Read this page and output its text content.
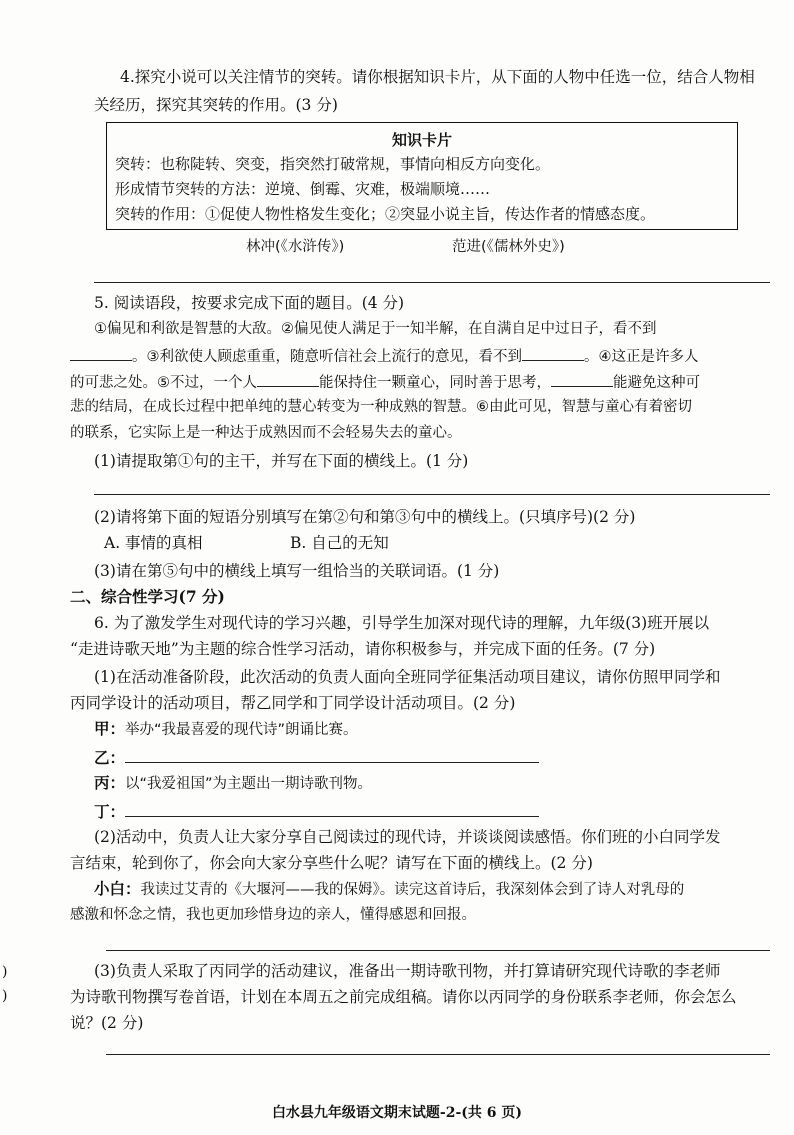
4.探究小说可以关注情节的突转。请你根据知识卡片，从下面的人物中任选一位，结合人物相
关经历，探究其突转的作用。(3 分)
知识卡片
突转：也称陡转、突变，指突然打破常规，事情向相反方向变化。
形成情节突转的方法：逆境、倒霉、灾难，极端顺境……
突转的作用：①促使人物性格发生变化；②突显小说主旨，传达作者的情感态度。
林冲(《水浒传》)	范进(《儒林外史》)
5. 阅读语段，按要求完成下面的题目。(4 分)
①偏见和利欲是智慧的大敌。②偏见使人满足于一知半解，在自满自足中过日子，看不到
。③利欲使人顾虑重重，随意听信社会上流行的意见，看不到	。④这正是许多人
的可悲之处。⑤不过，一个人	能保持住一颗童心，同时善于思考，	能避免这种可
悲的结局，在成长过程中把单纯的慧心转变为一种成熟的智慧。⑥由此可见，智慧与童心有着密切
的联系，它实际上是一种达于成熟因而不会轻易失去的童心。
(1)请提取第①句的主干，并写在下面的横线上。(1 分)
(2)请将第下面的短语分别填写在第②句和第③句中的横线上。(只填序号)(2 分)
A. 事情的真相	B. 自己的无知
(3)请在第⑤句中的横线上填写一组恰当的关联词语。(1 分)
二、综合性学习(7 分)
6. 为了激发学生对现代诗的学习兴趣，引导学生加深对现代诗的理解，九年级(3)班开展以
“走进诗歌天地”为主题的综合性学习活动，请你积极参与，并完成下面的任务。(7 分)
(1)在活动准备阶段，此次活动的负责人面向全班同学征集活动项目建议，请你仿照甲同学和
丙同学设计的活动项目，帮乙同学和丁同学设计活动项目。(2 分)
甲：举办“我最喜爱的现代诗”朗诵比赛。
乙：
丙：以“我爱祖国”为主题出一期诗歌刊物。
丁：
(2)活动中，负责人让大家分享自己阅读过的现代诗，并谈谈阅读感悟。你们班的小白同学发
言结束，轮到你了，你会向大家分享些什么呢？请写在下面的横线上。(2 分)
小白：我读过艾青的《大堰河——我的保姆》。读完这首诗后，我深刻体会到了诗人对乳母的
感激和怀念之情，我也更加珍惜身边的亲人，懂得感恩和回报。
(3)负责人采取了丙同学的活动建议，准备出一期诗歌刊物，并打算请研究现代诗歌的李老师
为诗歌刊物撰写卷首语，计划在本周五之前完成组稿。请你以丙同学的身份联系李老师，你会怎么
说？(2 分)
)
)
白水县九年级语文期末试题-2-(共 6 页)
